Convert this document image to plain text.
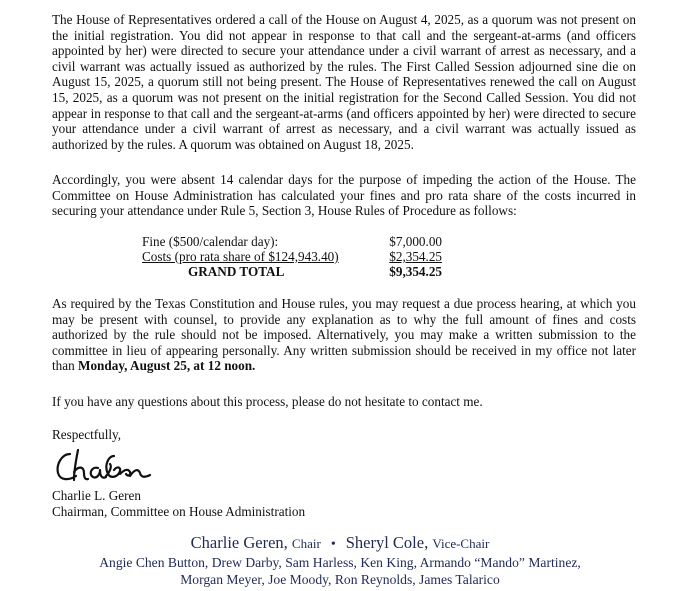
The House of Representatives ordered a call of the House on August 4, 2025, as a quorum was not present on the initial registration. You did not appear in response to that call and the sergeant-at-arms (and officers appointed by her) were directed to secure your attendance under a civil warrant of arrest as necessary, and a civil warrant was actually issued as authorized by the rules. The First Called Session adjourned sine die on August 15, 2025, a quorum still not being present. The House of Representatives renewed the call on August 15, 2025, as a quorum was not present on the initial registration for the Second Called Session. You did not appear in response to that call and the sergeant-at-arms (and officers appointed by her) were directed to secure your attendance under a civil warrant of arrest as necessary, and a civil warrant was actually issued as authorized by the rules. A quorum was obtained on August 18, 2025.

Accordingly, you were absent 14 calendar days for the purpose of impeding the action of the House. The Committee on House Administration has calculated your fines and pro rata share of the costs incurred in securing your attendance under Rule 5, Section 3, House Rules of Procedure as follows:

Fine ($500/calendar day):	$7,000.00
Costs (pro rata share of $124,943.40)	$2,354.25
GRAND TOTAL	$9,354.25

As required by the Texas Constitution and House rules, you may request a due process hearing, at which you may be present with counsel, to provide any explanation as to why the full amount of fines and costs authorized by the rule should not be imposed. Alternatively, you may make a written submission to the committee in lieu of appearing personally. Any written submission should be received in my office not later than Monday, August 25, at 12 noon.

If you have any questions about this process, please do not hesitate to contact me.

Respectfully,

Charlie L. Geren

Chairman, Committee on House Administration

Charlie Geren, Chair • Sheryl Cole, Vice-Chair

Angie Chen Button, Drew Darby, Sam Harless, Ken King, Armando “Mando” Martinez,

Morgan Meyer, Joe Moody, Ron Reynolds, James Talarico
